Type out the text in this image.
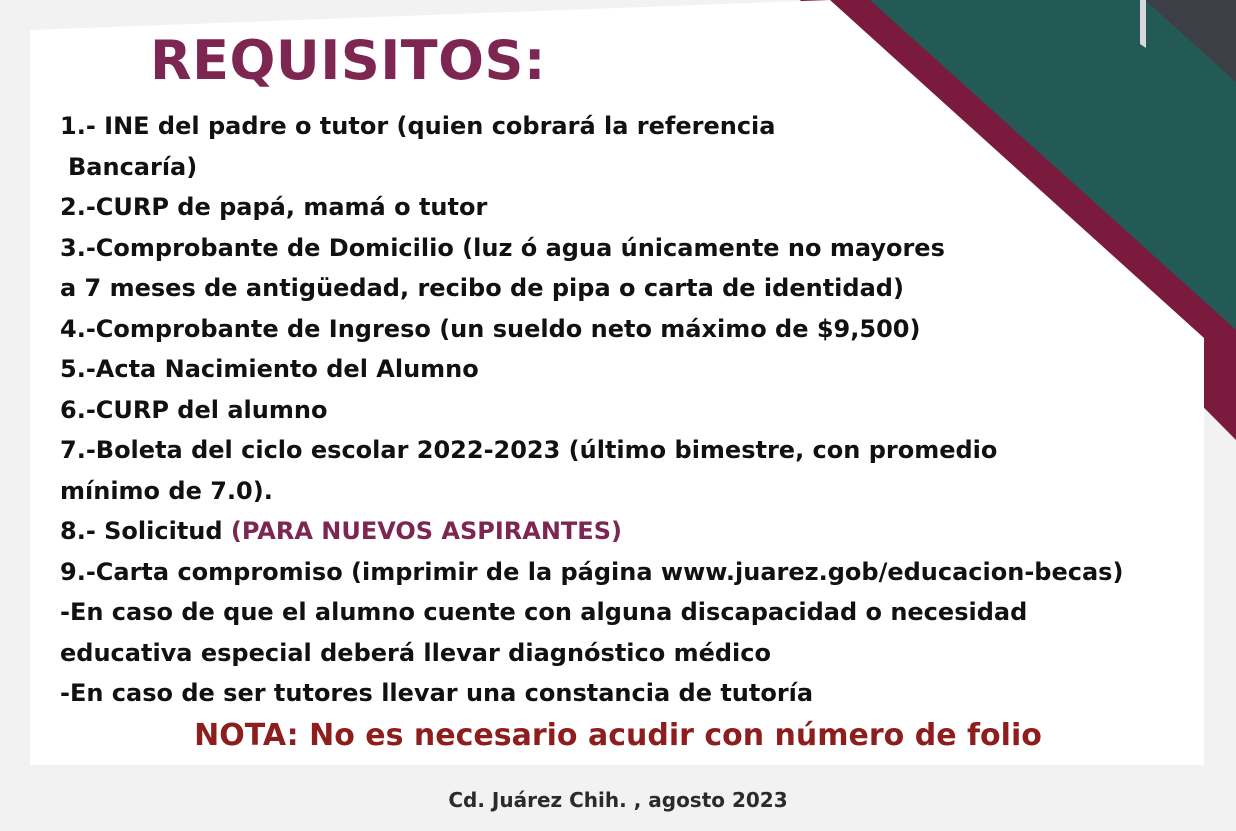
REQUISITOS:
1.- INE del padre o tutor (quien cobrará la referencia
Bancaría)
2.-CURP de papá, mamá o tutor
3.-Comprobante de Domicilio (luz ó agua únicamente no mayores
a 7 meses de antigüedad, recibo de pipa o carta de identidad)
4.-Comprobante de Ingreso (un sueldo neto máximo de $9,500)
5.-Acta Nacimiento del Alumno
6.-CURP del alumno
7.-Boleta del ciclo escolar 2022-2023 (último bimestre, con promedio
mínimo de 7.0).
8.- Solicitud (PARA NUEVOS ASPIRANTES)
9.-Carta compromiso (imprimir de la página www.juarez.gob/educacion-becas)
-En caso de que el alumno cuente con alguna discapacidad o necesidad
educativa especial deberá llevar diagnóstico médico
-En caso de ser tutores llevar una constancia de tutoría

NOTA: No es necesario acudir con número de folio

Cd. Juárez Chih. , agosto 2023
